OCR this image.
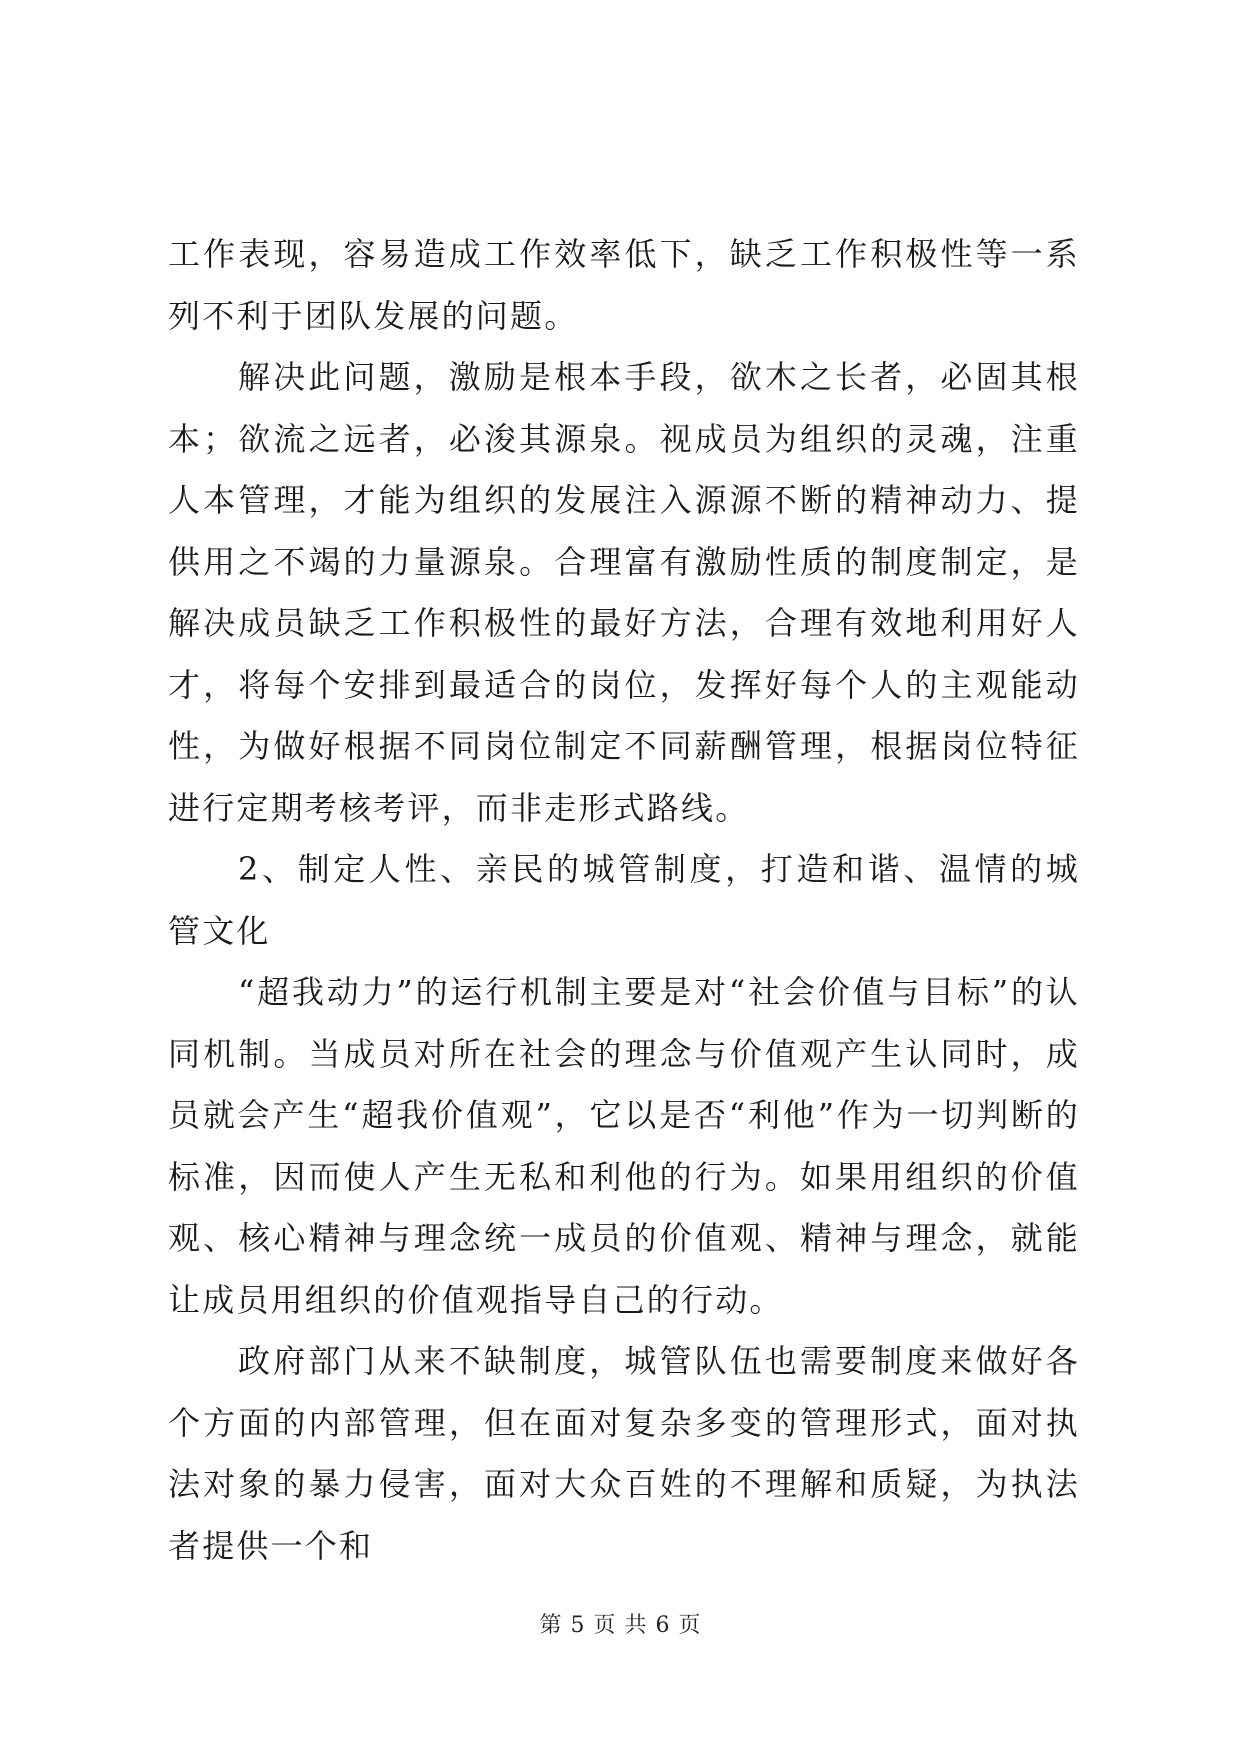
工作表现，容易造成工作效率低下，缺乏工作积极性等一系列不利于团队发展的问题。

解决此问题，激励是根本手段，欲木之长者，必固其根本；欲流之远者，必浚其源泉。视成员为组织的灵魂，注重人本管理，才能为组织的发展注入源源不断的精神动力、提供用之不竭的力量源泉。合理富有激励性质的制度制定，是解决成员缺乏工作积极性的最好方法，合理有效地利用好人才，将每个安排到最适合的岗位，发挥好每个人的主观能动性，为做好根据不同岗位制定不同薪酬管理，根据岗位特征进行定期考核考评，而非走形式路线。

2、制定人性、亲民的城管制度，打造和谐、温情的城管文化

“超我动力”的运行机制主要是对“社会价值与目标”的认同机制。当成员对所在社会的理念与价值观产生认同时，成员就会产生“超我价值观”，它以是否“利他”作为一切判断的标准，因而使人产生无私和利他的行为。如果用组织的价值观、核心精神与理念统一成员的价值观、精神与理念，就能让成员用组织的价值观指导自己的行动。

政府部门从来不缺制度，城管队伍也需要制度来做好各个方面的内部管理，但在面对复杂多变的管理形式，面对执法对象的暴力侵害，面对大众百姓的不理解和质疑，为执法者提供一个和

第 5 页 共 6 页
